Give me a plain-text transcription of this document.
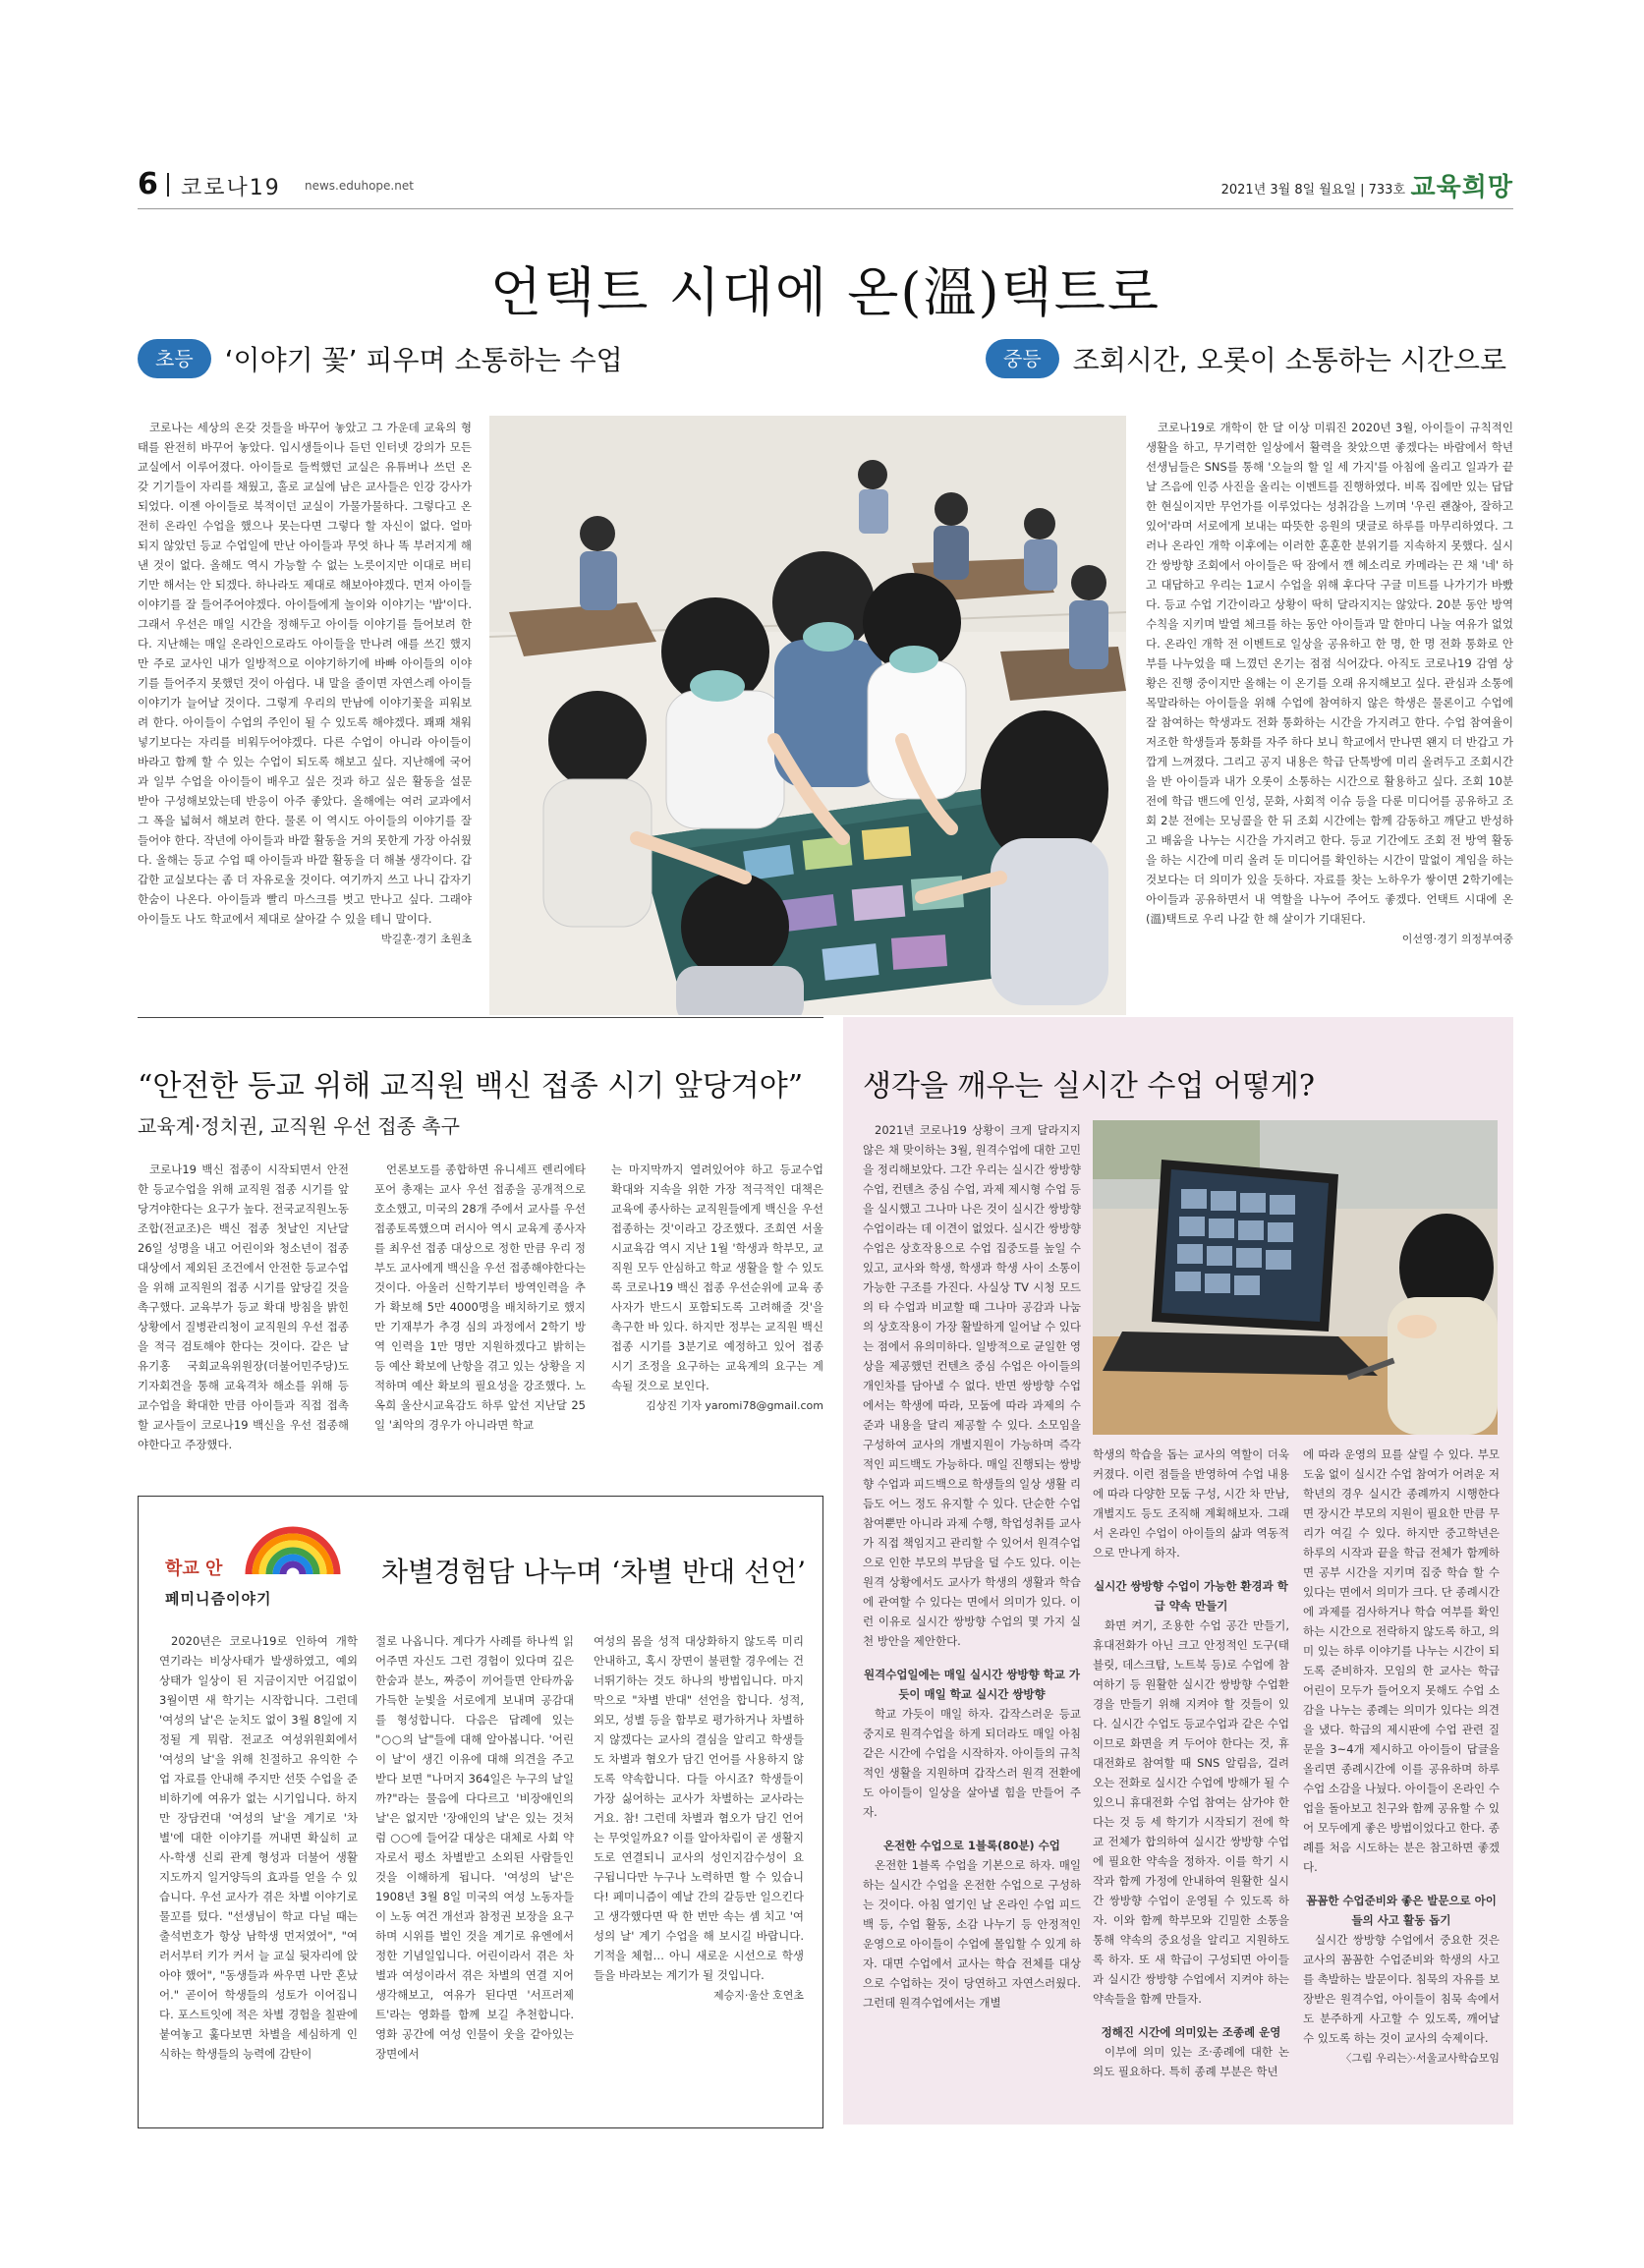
6 코로나19 news.eduhope.net	2021년 3월 8일 월요일 | 733호 교육희망
언택트 시대에 온(溫)택트로
초등	‘이야기 꽃’ 피우며 소통하는 수업	중등	조회시간, 오롯이 소통하는 시간으로

코로나는 세상의 온갖 것들을 바꾸어 놓았고 그 가운데 교육의 형태를 완전히 바꾸어 놓았다. 입시생들이나 듣던 인터넷 강의가 모든 교실에서 이루어졌다. 아이들로 들썩했던 교실은 유튜버나 쓰던 온갖 기기들이 자리를 채웠고, 홀로 교실에 남은 교사들은 인강 강사가 되었다. 이젠 아이들로 북적이던 교실이 가물가물하다. 그렇다고 온전히 온라인 수업을 했으나 못는다면 그렇다 할 자신이 없다. 얼마 되지 않았던 등교 수업일에 만난 아이들과 무엇 하나 똑 부러지게 해낸 것이 없다. 올해도 역시 가능할 수 없는 노릇이지만 이대로 버티기만 해서는 안 되겠다. 하나라도 제대로 해보아야겠다. 먼저 아이들 이야기를 잘 들어주어야겠다. 아이들에게 놀이와 이야기는 '밥'이다. 그래서 우선은 매일 시간을 정해두고 아이들 이야기를 들어보려 한다. 지난해는 매일 온라인으로라도 아이들을 만나려 애를 쓰긴 했지만 주로 교사인 내가 일방적으로 이야기하기에 바빠 아이들의 이야기를 들어주지 못했던 것이 아쉽다. 내 말을 줄이면 자연스레 아이들 이야기가 늘어날 것이다. 그렇게 우리의 만남에 이야기꽃을 피워보려 한다. 아이들이 수업의 주인이 될 수 있도록 해야겠다. 꽤꽤 채워넣기보다는 자리를 비워두어야겠다. 다른 수업이 아니라 아이들이 바라고 함께 할 수 있는 수업이 되도록 해보고 싶다. 지난해에 국어과 일부 수업을 아이들이 배우고 싶은 것과 하고 싶은 활동을 설문 받아 구성해보았는데 반응이 아주 좋았다. 올해에는 여러 교과에서 그 폭을 넓혀서 해보려 한다. 물론 이 역시도 아이들의 이야기를 잘 들어야 한다. 작년에 아이들과 바깥 활동을 거의 못한게 가장 아쉬웠다. 올해는 등교 수업 때 아이들과 바깥 활동을 더 해볼 생각이다. 갑갑한 교실보다는 좀 더 자유로울 것이다. 여기까지 쓰고 나니 갑자기 한숨이 나온다. 아이들과 빨리 마스크를 벗고 만나고 싶다. 그래야 아이들도 나도 학교에서 제대로 살아갈 수 있을 테니 말이다.

박길훈·경기 초원초

코로나19로 개학이 한 달 이상 미뤄진 2020년 3월, 아이들이 규칙적인 생활을 하고, 무기력한 일상에서 활력을 찾았으면 좋겠다는 바람에서 학년 선생님들은 SNS를 통해 '오늘의 할 일 세 가지'를 아침에 올리고 일과가 끝날 즈음에 인증 사진을 올리는 이벤트를 진행하였다. 비록 집에만 있는 답답한 현실이지만 무언가를 이루었다는 성취감을 느끼며 '우린 괜찮아, 잘하고 있어'라며 서로에게 보내는 따뜻한 응원의 댓글로 하루를 마무리하였다. 그러나 온라인 개학 이후에는 이러한 훈훈한 분위기를 지속하지 못했다. 실시간 쌍방향 조회에서 아이들은 딱 잠에서 깬 헤소리로 카메라는 끈 채 '네' 하고 대답하고 우리는 1교시 수업을 위해 후다닥 구글 미트를 나가기가 바빴다. 등교 수업 기간이라고 상황이 딱히 달라지지는 않았다. 20분 동안 방역 수칙을 지키며 발열 체크를 하는 동안 아이들과 말 한마디 나눌 여유가 없었다. 온라인 개학 전 이벤트로 일상을 공유하고 한 명, 한 명 전화 통화로 안부를 나누었을 때 느꼈던 온기는 점점 식어갔다. 아직도 코로나19 감염 상황은 진행 중이지만 올해는 이 온기를 오래 유지해보고 싶다. 관심과 소통에 목말라하는 아이들을 위해 수업에 참여하지 않은 학생은 물론이고 수업에 잘 참여하는 학생과도 전화 통화하는 시간을 가지려고 한다. 수업 참여율이 저조한 학생들과 통화를 자주 하다 보니 학교에서 만나면 왠지 더 반갑고 가깝게 느껴졌다. 그리고 공지 내용은 학급 단톡방에 미리 올려두고 조회시간을 반 아이들과 내가 오롯이 소통하는 시간으로 활용하고 싶다. 조회 10분 전에 학급 밴드에 인성, 문화, 사회적 이슈 등을 다룬 미디어를 공유하고 조회 2분 전에는 모닝콜을 한 뒤 조회 시간에는 함께 감동하고 깨닫고 반성하고 배움을 나누는 시간을 가지려고 한다. 등교 기간에도 조회 전 방역 활동을 하는 시간에 미리 올려 둔 미디어를 확인하는 시간이 말없이 계임을 하는 것보다는 더 의미가 있을 듯하다. 자료를 찾는 노하우가 쌓이면 2학기에는 아이들과 공유하면서 내 역할을 나누어 주어도 좋겠다. 언택트 시대에 온(溫)택트로 우리 나갈 한 해 살이가 기대된다.

이선영·경기 의정부여중
“안전한 등교 위해 교직원 백신 접종 시기 앞당겨야”
교육계·정치권, 교직원 우선 접종 촉구

코로나19 백신 접종이 시작되면서 안전한 등교수업을 위해 교직원 접종 시기를 앞당겨야한다는 요구가 높다. 전국교직원노동조합(전교조)은 백신 접종 첫날인 지난달 26일 성명을 내고 어린이와 청소년이 접종대상에서 제외된 조건에서 안전한 등교수업을 위해 교직원의 접종 시기를 앞당길 것을 촉구했다. 교육부가 등교 확대 방침을 밝힌 상황에서 질병관리청이 교직원의 우선 접종을 적극 검토해야 한다는 것이다. 같은 날 유기홍 국회교육위원장(더불어민주당)도 기자회견을 통해 교육격차 해소를 위해 등교수업을 확대한 만큼 아이들과 직접 접촉할 교사들이 코로나19 백신을 우선 접종해야한다고 주장했다.

언론보도를 종합하면 유니세프 렌리에타 포어 총재는 교사 우선 접종을 공개적으로 호소했고, 미국의 28개 주에서 교사를 우선 접종토록했으며 러시아 역시 교육계 종사자를 최우선 접종 대상으로 정한 만큼 우리 정부도 교사에게 백신을 우선 접종해야한다는 것이다. 아울러 신학기부터 방역인력을 추가 확보해 5만 4000명을 배치하기로 했지만 기재부가 추경 심의 과정에서 2학기 방역 인력을 1만 명만 지원하겠다고 밝히는 등 예산 확보에 난항을 겪고 있는 상황을 지적하며 예산 확보의 필요성을 강조했다. 노옥희 울산시교육감도 하루 앞선 지난달 25일 '최악의 경우가 아니라면 학교

는 마지막까지 열려있어야 하고 등교수업 확대와 지속을 위한 가장 적극적인 대책은 교육에 종사하는 교직원들에게 백신을 우선 접종하는 것'이라고 강조했다. 조희연 서울시교육감 역시 지난 1월 '학생과 학부모, 교직원 모두 안심하고 학교 생활을 할 수 있도록 코로나19 백신 접종 우선순위에 교육 종사자가 반드시 포함되도록 고려해줄 것'을 촉구한 바 있다. 하지만 정부는 교직원 백신 접종 시기를 3분기로 예정하고 있어 접종 시기 조정을 요구하는 교육계의 요구는 계속될 것으로 보인다.

김상진 기자 yaromi78@gmail.com
학교 안
페미니즘이야기
차별경험담 나누며 ‘차별 반대 선언’

2020년은 코로나19로 인하여 개학 연기라는 비상사태가 발생하였고, 예외 상태가 일상이 된 지금이지만 어김없이 3월이면 새 학기는 시작합니다. 그런데 '여성의 날'은 눈치도 없이 3월 8일에 지정될 게 뭐람. 전교조 여성위원회에서 '여성의 날'을 위해 친절하고 유익한 수업 자료를 안내해 주지만 선뜻 수업을 준비하기에 여유가 없는 시기입니다. 하지만 장담컨대 '여성의 날'을 계기로 '차별'에 대한 이야기를 꺼내면 확실히 교사-학생 신뢰 관계 형성과 더불어 생활 지도까지 일거양득의 효과를 얻을 수 있습니다. 우선 교사가 겪은 차별 이야기로 물꼬를 텄다. "선생님이 학교 다닐 때는 출석번호가 항상 남학생 먼저였어", "여러서부터 키가 커서 늘 교실 뒷자리에 앉아야 했어", "동생들과 싸우면 나만 혼났어." 곧이어 학생들의 성토가 이어집니다. 포스트잇에 적은 차별 경험을 칠판에 붙여놓고 훑다보면 차별을 세심하게 인식하는 학생들의 능력에 감탄이

절로 나옵니다. 계다가 사례를 하나씩 읽어주면 자신도 그런 경험이 있다며 깊은 한숨과 분노, 짜증이 끼어들면 안타까움 가득한 눈빛을 서로에게 보내며 공감대를 형성합니다. 다음은 답례에 있는 "○○의 날"들에 대해 알아봅니다. '어린이 날'이 생긴 이유에 대해 의견을 주고받다 보면 "나머지 364일은 누구의 날일까?"라는 물음에 다다르고 '비장애인의 날'은 없지만 '장애인의 날'은 있는 것처럼 ○○에 들어갈 대상은 대체로 사회 약자로서 평소 차별받고 소외된 사람들인 것을 이해하게 됩니다. '여성의 날'은 1908년 3월 8일 미국의 여성 노동자들이 노동 여건 개선과 참정권 보장을 요구하며 시위를 벌인 것을 계기로 유엔에서 정한 기념일입니다. 어린이라서 겪은 차별과 여성이라서 겪은 차별의 연결 지어 생각해보고, 여유가 된다면 '서프러제트'라는 영화를 함께 보길 추천합니다. 영화 공간에 여성 인물이 웃을 같아있는 장면에서

여성의 몸을 성적 대상화하지 않도록 미리 안내하고, 혹시 장면이 불편할 경우에는 건너뛰기하는 것도 하나의 방법입니다. 마지막으로 "차별 반대" 선언을 합니다. 성적, 외모, 성별 등을 함부로 평가하거나 차별하지 않겠다는 교사의 결심을 알리고 학생들도 차별과 혐오가 담긴 언어를 사용하지 않도록 약속합니다. 다들 아시죠? 학생들이 가장 싫어하는 교사가 차별하는 교사라는 거요. 참! 그런데 차별과 혐오가 담긴 언어는 무엇일까요? 이를 알아차림이 곧 생활지도로 연결되니 교사의 성인지감수성이 요구됩니다만 누구나 노력하면 할 수 있습니다! 페미니즘이 예날 간의 갈등만 일으킨다고 생각했다면 딱 한 번만 속는 셈 치고 '여성의 날' 계기 수업을 해 보시길 바랍니다. 기적을 체험… 아니 새로운 시선으로 학생들을 바라보는 계기가 될 것입니다.

제승지·울산 호연초
생각을 깨우는 실시간 수업 어떻게?

2021년 코로나19 상황이 크게 달라지지 않은 채 맞이하는 3월, 원격수업에 대한 고민을 정리해보았다. 그간 우리는 실시간 쌍방향 수업, 컨텐츠 중심 수업, 과제 제시형 수업 등을 실시했고 그나마 나은 것이 실시간 쌍방향 수업이라는 데 이견이 없었다. 실시간 쌍방향 수업은 상호작용으로 수업 집중도를 높일 수 있고, 교사와 학생, 학생과 학생 사이 소통이 가능한 구조를 가진다. 사실상 TV 시청 모드의 타 수업과 비교할 때 그나마 공감과 나눔의 상호작용이 가장 활발하게 일어날 수 있다는 점에서 유의미하다. 일방적으로 균일한 영상을 제공했던 컨텐츠 중심 수업은 아이들의 개인차를 담아낼 수 없다. 반면 쌍방향 수업에서는 학생에 따라, 모둠에 따라 과제의 수준과 내용을 달리 제공할 수 있다. 소모임을 구성하여 교사의 개별지원이 가능하며 즉각적인 피드백도 가능하다. 매일 진행되는 쌍방향 수업과 피드백으로 학생들의 일상 생활 리듬도 어느 정도 유지할 수 있다. 단순한 수업 참여뿐만 아니라 과제 수행, 학업성취를 교사가 직접 책임지고 관리할 수 있어서 원격수업으로 인한 부모의 부담을 덜 수도 있다. 이는 원격 상황에서도 교사가 학생의 생활과 학습에 관여할 수 있다는 면에서 의미가 있다. 이런 이유로 실시간 쌍방향 수업의 몇 가지 실천 방안을 제안한다.

원격수업일에는 매일 실시간 쌍방향 학교 가듯이 매일 학교 실시간 쌍방향

학교 가듯이 매일 하자. 갑작스러운 등교중지로 원격수업을 하게 되더라도 매일 아침 같은 시간에 수업을 시작하자. 아이들의 규칙적인 생활을 지원하며 갑작스러 원격 전환에도 아이들이 일상을 살아낼 힘을 만들어 주자.

온전한 수업으로 1블록(80분) 수업

온전한 1블록 수업을 기본으로 하자. 매일 하는 실시간 수업을 온전한 수업으로 구성하는 것이다. 아침 열기인 날 온라인 수업 피드백 등, 수업 활동, 소감 나누기 등 안정적인 운영으로 아이들이 수업에 몰입할 수 있게 하자. 대면 수업에서 교사는 학습 전체를 대상으로 수업하는 것이 당연하고 자연스러웠다. 그런데 원격수업에서는 개별

학생의 학습을 돕는 교사의 역할이 더욱 커졌다. 이런 점들을 반영하여 수업 내용에 따라 다양한 모둠 구성, 시간 차 만남, 개별지도 등도 조직해 계획해보자. 그래서 온라인 수업이 아이들의 삶과 역동적으로 만나게 하자.

실시간 쌍방향 수업이 가능한 환경과 학급 약속 만들기

화면 켜기, 조용한 수업 공간 만들기, 휴대전화가 아닌 크고 안정적인 도구(태블릿, 데스크탑, 노트북 등)로 수업에 참여하기 등 원활한 실시간 쌍방향 수업환경을 만들기 위해 지켜야 할 것들이 있다. 실시간 수업도 등교수업과 같은 수업이므로 화면을 켜 두어야 한다는 것, 휴대전화로 참여할 때 SNS 알림음, 걸려오는 전화로 실시간 수업에 방해가 될 수 있으니 휴대전화 수업 참여는 삼가야 한다는 것 등 세 학기가 시작되기 전에 학교 전체가 합의하여 실시간 쌍방향 수업에 필요한 약속을 정하자. 이를 학기 시작과 함께 가정에 안내하여 원활한 실시간 쌍방향 수업이 운영될 수 있도록 하자. 이와 함께 학부모와 긴밀한 소통을 통해 약속의 중요성을 알리고 지원하도록 하자. 또 새 학급이 구성되면 아이들과 실시간 쌍방향 수업에서 지켜야 하는 약속들을 함께 만들자.

정해진 시간에 의미있는 조종례 운영

이부에 의미 있는 조·종례에 대한 논의도 필요하다. 특히 종례 부분은 학년

에 따라 운영의 묘를 살릴 수 있다. 부모 도움 없이 실시간 수업 참여가 어려운 저학년의 경우 실시간 종례까지 시행한다면 장시간 부모의 지원이 필요한 만큼 무리가 여길 수 있다. 하지만 중고학년은 하루의 시작과 끝을 학급 전체가 함께하면 공부 시간을 지키며 집중 학습 할 수 있다는 면에서 의미가 크다. 단 종례시간에 과제를 검사하거나 학습 여부를 확인하는 시간으로 전락하지 않도록 하고, 의미 있는 하루 이야기를 나누는 시간이 되도록 준비하자. 모임의 한 교사는 학급 어린이 모두가 들어오지 못해도 수업 소감을 나누는 종례는 의미가 있다는 의견을 냈다. 학급의 제시판에 수업 관련 질문을 3~4개 제시하고 아이들이 답글을 올리면 종례시간에 이를 공유하며 하루 수업 소감을 나눴다. 아이들이 온라인 수업을 돌아보고 친구와 함께 공유할 수 있어 모두에게 좋은 방법이었다고 한다. 종례를 처음 시도하는 분은 참고하면 좋겠다.

꼼꼼한 수업준비와 좋은 발문으로 아이들의 사고 활동 돕기

실시간 쌍방향 수업에서 중요한 것은 교사의 꼼꼼한 수업준비와 학생의 사고를 촉발하는 발문이다. 침묵의 자유를 보장받은 원격수업, 아이들이 침묵 속에서도 분주하게 사고할 수 있도록, 깨어날 수 있도록 하는 것이 교사의 숙제이다.

〈그림 우리는〉·서울교사학습모임
